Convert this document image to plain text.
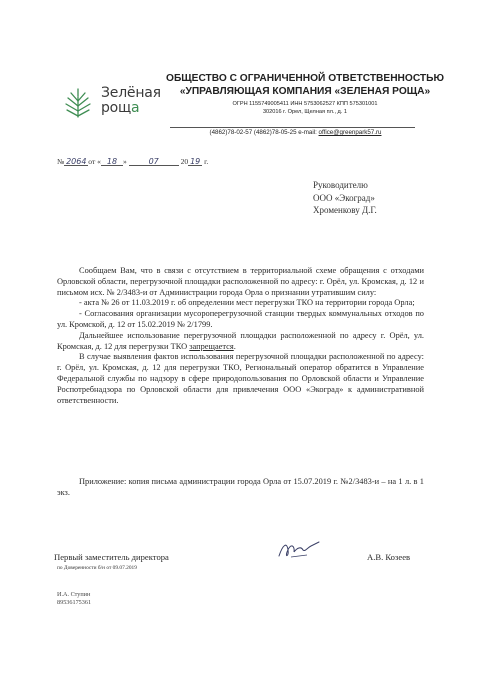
Зелёная
роща
ОБЩЕСТВО С ОГРАНИЧЕННОЙ ОТВЕТСТВЕННОСТЬЮ
«УПРАВЛЯЮЩАЯ КОМПАНИЯ «ЗЕЛЕНАЯ РОЩА»
ОГРН 1155749005411 ИНН 5753062527 КПП 575301001
302016 г. Орел, Щелная пл., д. 1
(4862)78-02-57 (4862)78-05-25 e-mail: office@greenpark57.ru
№ 2064 от « 18 »	07	20 19 г.
Руководителю
ООО «Экоград»
Хроменкову Д.Г.

Сообщаем Вам, что в связи с отсутствием в территориальной схеме обращения с отходами Орловской области, перегрузочной площадки расположенной по адресу: г. Орёл, ул. Кромская, д. 12 и письмом исх. № 2/3483-и от Администрации города Орла о признании утратившим силу:

- акта № 26 от 11.03.2019 г. об определении мест перегрузки ТКО на территории города Орла;

- Согласования организации мусороперегрузочной станции твердых коммунальных отходов по ул. Кромской, д. 12 от 15.02.2019 № 2/1799.

Дальнейшее использование перегрузочной площадки расположенной по адресу г. Орёл, ул. Кромская, д. 12 для перегрузки ТКО запрещается.

В случае выявления фактов использования перегрузочной площадки расположенной по адресу: г. Орёл, ул. Кромская, д. 12 для перегрузки ТКО, Региональный оператор обратится в Управление Федеральной службы по надзору в сфере природопользования по Орловской области и Управление Роспотребнадзора по Орловской области для привлечения ООО «Экоград» к административной ответственности.

Приложение: копия письма администрации города Орла от 15.07.2019 г. №2/3483-и – на 1 л. в 1 экз.

Первый заместитель директора
по Доверенности б/н от 09.07.2019
А.В. Козеев
И.А. Ступин
89536175361
